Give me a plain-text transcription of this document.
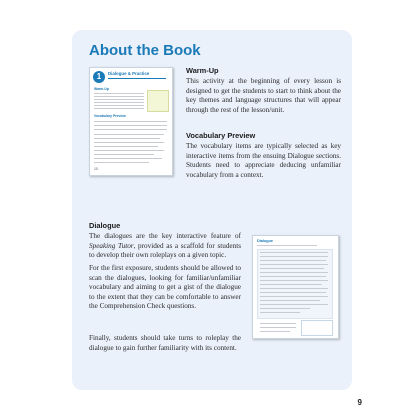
About the Book
1	Dialogue & Practice
Warm-Up
Vocabulary Preview
10
Warm-Up

This activity at the beginning of every lesson is designed to get the students to start to think about the key themes and language structures that will appear through the rest of the lesson/unit.

Vocabulary Preview

The vocabulary items are typically selected as key interactive items from the ensuing Dialogue sections. Students need to appreciate deducing unfamiliar vocabulary from a context.

Dialogue

The dialogues are the key interactive feature of Speaking Tutor, provided as a scaffold for students to develop their own roleplays on a given topic.

For the first exposure, students should be allowed to scan the dialogues, looking for familiar/unfamiliar vocabulary and aiming to get a gist of the dialogue to the extent that they can be comfortable to answer the Comprehension Check questions.

Finally, students should take turns to roleplay the dialogue to gain further familiarity with its content.

Dialogue
9
